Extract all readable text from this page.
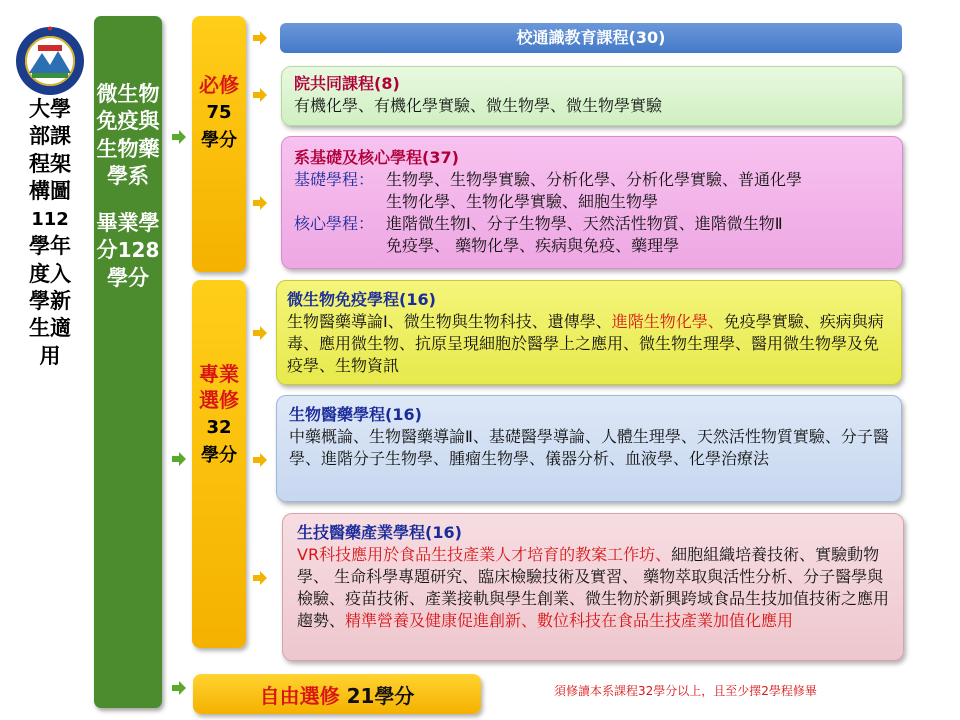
大學部課程架構圖112學年度入學新生適用
微生物免疫與生物藥學系

畢業學分128學分
必修
75
學分
專業選修
32
學分
自由選修
21學分
校通識教育課程(30)
院共同課程(8)
有機化學、有機化學實驗、微生物學、微生物學實驗
系基礎及核心學程(37)
基礎學程： 生物學、生物學實驗、分析化學、分析化學實驗、普通化學
生物化學、生物化學實驗、細胞生物學
核心學程： 進階微生物Ⅰ、分子生物學、天然活性物質、進階微生物Ⅱ
免疫學、 藥物化學、疾病與免疫、藥理學
微生物免疫學程(16)
生物醫藥導論Ⅰ、微生物與生物科技、遺傳學、進階生物化學、免疫學實驗、疾病與病毒、應用微生物、抗原呈現細胞於醫學上之應用、微生物生理學、醫用微生物學及免疫學、生物資訊
生物醫藥學程(16)
中藥概論、生物醫藥導論Ⅱ、基礎醫學導論、人體生理學、天然活性物質實驗、分子醫學、進階分子生物學、腫瘤生物學、儀器分析、血液學、化學治療法
生技醫藥產業學程(16)
VR科技應用於食品生技產業人才培育的教案工作坊、細胞組織培養技術、實驗動物學、 生命科學專題研究、臨床檢驗技術及實習、 藥物萃取與活性分析、分子醫學與檢驗、疫苗技術、產業接軌與學生創業、微生物於新興跨域食品生技加值技術之應用趨勢、精準營養及健康促進創新、數位科技在食品生技產業加值化應用
須修讀本系課程32學分以上，且至少擇2學程修畢
